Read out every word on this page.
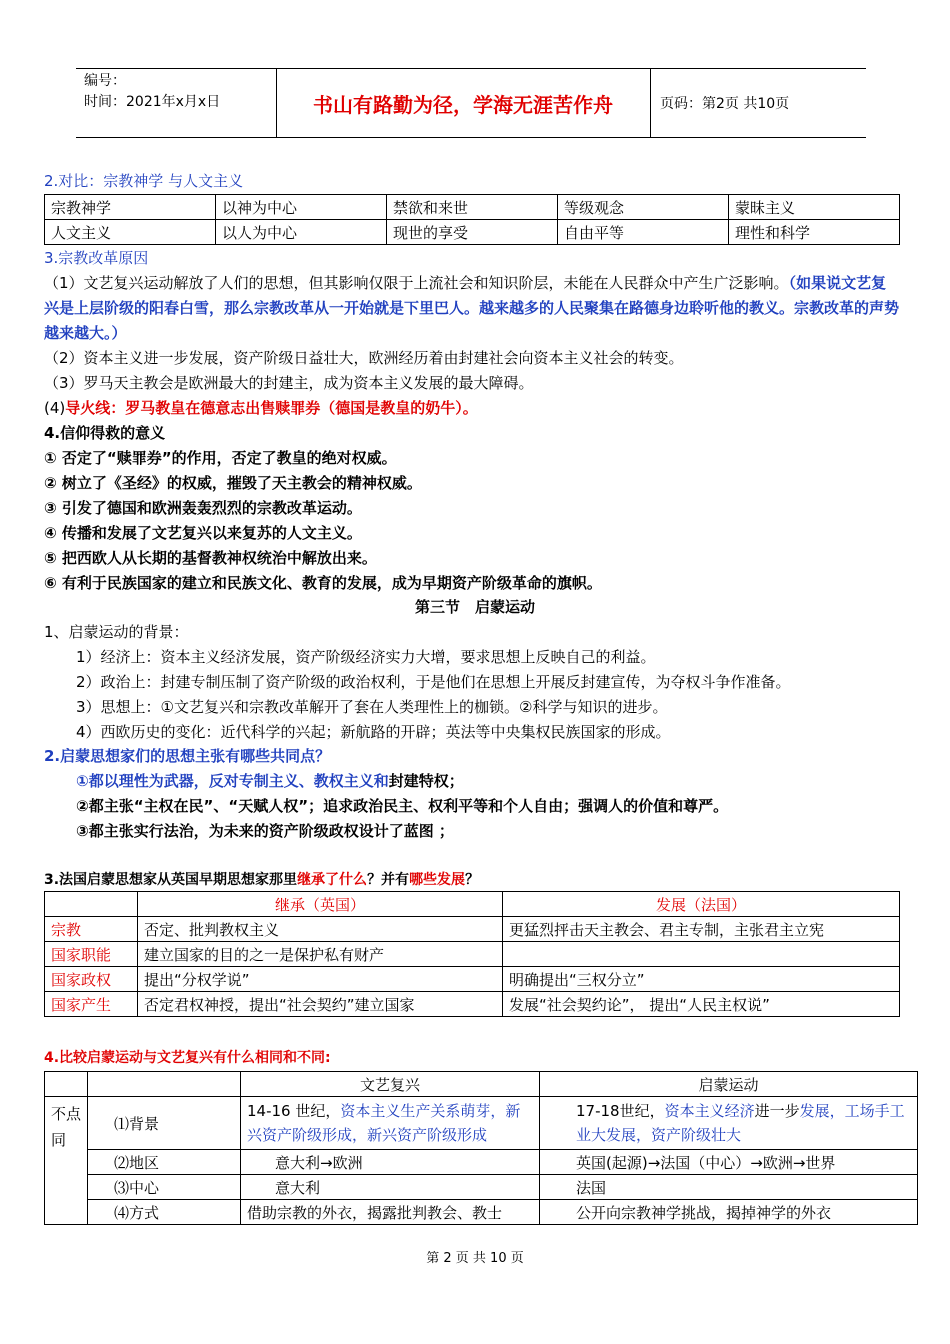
编号：
时间：2021年x月x日	书山有路勤为径，学海无涯苦作舟	页码：第2页 共10页
2.对比：宗教神学 与人文主义
宗教神学	以神为中心	禁欲和来世	等级观念	蒙昧主义
人文主义	以人为中心	现世的享受	自由平等	理性和科学
3.宗教改革原因
（1）文艺复兴运动解放了人们的思想，但其影响仅限于上流社会和知识阶层，未能在人民群众中产生广泛影响。（如果说文艺复兴是上层阶级的阳春白雪，那么宗教改革从一开始就是下里巴人。越来越多的人民聚集在路德身边聆听他的教义。宗教改革的声势越来越大。）
（2）资本主义进一步发展，资产阶级日益壮大，欧洲经历着由封建社会向资本主义社会的转变。
（3）罗马天主教会是欧洲最大的封建主，成为资本主义发展的最大障碍。
(4)导火线：罗马教皇在德意志出售赎罪券（德国是教皇的奶牛）。
4.信仰得救的意义
① 否定了“赎罪券”的作用，否定了教皇的绝对权威。
② 树立了《圣经》的权威，摧毁了天主教会的精神权威。
③ 引发了德国和欧洲轰轰烈烈的宗教改革运动。
④ 传播和发展了文艺复兴以来复苏的人文主义。
⑤ 把西欧人从长期的基督教神权统治中解放出来。
⑥ 有利于民族国家的建立和民族文化、教育的发展，成为早期资产阶级革命的旗帜。
第三节　启蒙运动
1、启蒙运动的背景：
1）经济上：资本主义经济发展，资产阶级经济实力大增，要求思想上反映自己的利益。
2）政治上：封建专制压制了资产阶级的政治权利，于是他们在思想上开展反封建宣传，为夺权斗争作准备。
3）思想上：①文艺复兴和宗教改革解开了套在人类理性上的枷锁。②科学与知识的进步。
4）西欧历史的变化：近代科学的兴起；新航路的开辟；英法等中央集权民族国家的形成。
2.启蒙思想家们的思想主张有哪些共同点？
①都以理性为武器，反对专制主义、教权主义和封建特权；
②都主张“主权在民”、“天赋人权”；追求政治民主、权利平等和个人自由；强调人的价值和尊严。
③都主张实行法治，为未来的资产阶级政权设计了蓝图 ；
3.法国启蒙思想家从英国早期思想家那里继承了什么？并有哪些发展？
	继承（英国）	发展（法国）
宗教	否定、批判教权主义	更猛烈抨击天主教会、君主专制，主张君主立宪
国家职能	建立国家的目的之一是保护私有财产	
国家政权	提出“分权学说”	明确提出“三权分立”
国家产生	否定君权神授，提出“社会契约”建立国家	发展“社会契约论”， 提出“人民主权说”
4.比较启蒙运动与文艺复兴有什么相同和不同:
		文艺复兴	启蒙运动
不点同	⑴背景	14-16 世纪，资本主义生产关系萌芽，新兴资产阶级形成，新兴资产阶级形成	17-18世纪，资本主义经济进一步发展，工场手工业大发展，资产阶级壮大
	⑵地区	意大利→欧洲	英国(起源)→法国（中心）→欧洲→世界
	⑶中心	意大利	法国
	⑷方式	借助宗教的外衣，揭露批判教会、教士	公开向宗教神学挑战，揭掉神学的外衣
第 2 页 共 10 页
